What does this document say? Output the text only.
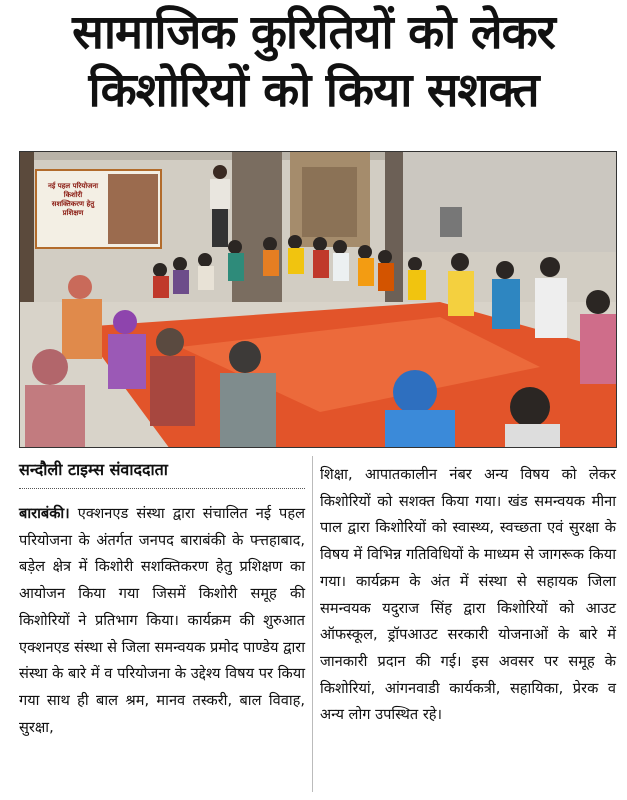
सामाजिक कुरितियों को लेकर
किशोरियों को किया सशक्त
नई पहल परियोजना
किशोरी
सशक्तिकरण हेतु
प्रशिक्षण
सन्दौली टाइम्स संवाददाता

बाराबंकी। एक्शनएड संस्था द्वारा संचालित नई पहल परियोजना के अंतर्गत जनपद बाराबंकी के फ्त्तहाबाद, बड़ेल क्षेत्र में किशोरी सशक्तिकरण हेतु प्रशिक्षण का आयोजन किया गया जिसमें किशोरी समूह की किशोरियों ने प्रतिभाग किया। कार्यक्रम की शुरुआत एक्शनएड संस्था से जिला समन्वयक प्रमोद पाण्डेय द्वारा संस्था के बारे में व परियोजना के उद्देश्य विषय पर किया गया साथ ही बाल श्रम, मानव तस्करी, बाल विवाह, सुरक्षा,

शिक्षा, आपातकालीन नंबर अन्य विषय को लेकर किशोरियों को सशक्त किया गया। खंड समन्वयक मीना पाल द्वारा किशोरियों को स्वास्थ्य, स्वच्छता एवं सुरक्षा के विषय में विभिन्न गतिविधियों के माध्यम से जागरूक किया गया। कार्यक्रम के अंत में संस्था से सहायक जिला समन्वयक यदुराज सिंह द्वारा किशोरियों को आउट ऑफस्कूल, ड्रॉपआउट सरकारी योजनाओं के बारे में जानकारी प्रदान की गई। इस अवसर पर समूह के किशोरियां, आंगनवाडी कार्यकत्री, सहायिका, प्रेरक व अन्य लोग उपस्थित रहे।
